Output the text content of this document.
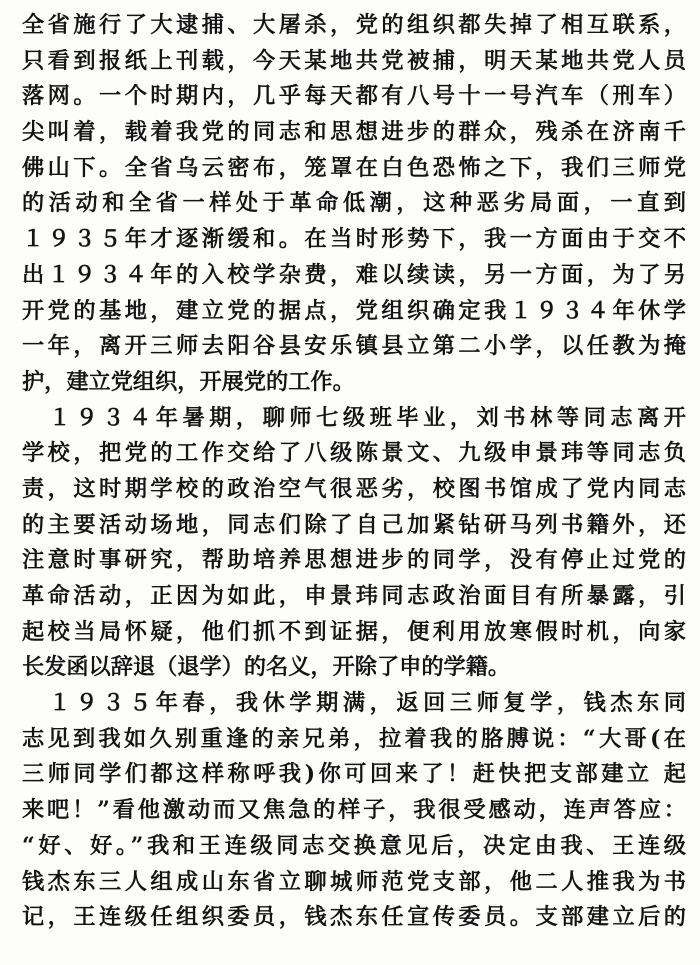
全省施行了大逮捕、大屠杀，党的组织都失掉了相互联系，
只看到报纸上刊载，今天某地共党被捕，明天某地共党人员
落网。一个时期内，几乎每天都有八号十一号汽车（刑车）
尖叫着，载着我党的同志和思想进步的群众，残杀在济南千
佛山下。全省乌云密布，笼罩在白色恐怖之下，我们三师党
的活动和全省一样处于革命低潮，这种恶劣局面，一直到
１９３５年才逐渐缓和。在当时形势下，我一方面由于交不
出１９３４年的入校学杂费，难以续读，另一方面，为了另
开党的基地，建立党的据点，党组织确定我１９３４年休学
一年，离开三师去阳谷县安乐镇县立第二小学，以任教为掩
护，建立党组织，开展党的工作。
　１９３４年暑期，聊师七级班毕业，刘书林等同志离开
学校，把党的工作交给了八级陈景文、九级申景玮等同志负
责，这时期学校的政治空气很恶劣，校图书馆成了党内同志
的主要活动场地，同志们除了自己加紧钻研马列书籍外，还
注意时事研究，帮助培养思想进步的同学，没有停止过党的
革命活动，正因为如此，申景玮同志政治面目有所暴露，引
起校当局怀疑，他们抓不到证据，便利用放寒假时机，向家
长发函以辞退（退学）的名义，开除了申的学籍。
　１９３５年春，我休学期满，返回三师复学，钱杰东同
志见到我如久别重逢的亲兄弟，拉着我的胳膊说：“大哥(在
三师同学们都这样称呼我)你可回来了！赶快把支部建立 起
来吧！”看他激动而又焦急的样子，我很受感动，连声答应：
“好、好。”我和王连级同志交换意见后，决定由我、王连级
钱杰东三人组成山东省立聊城师范党支部，他二人推我为书
记，王连级任组织委员，钱杰东任宣传委员。支部建立后的
